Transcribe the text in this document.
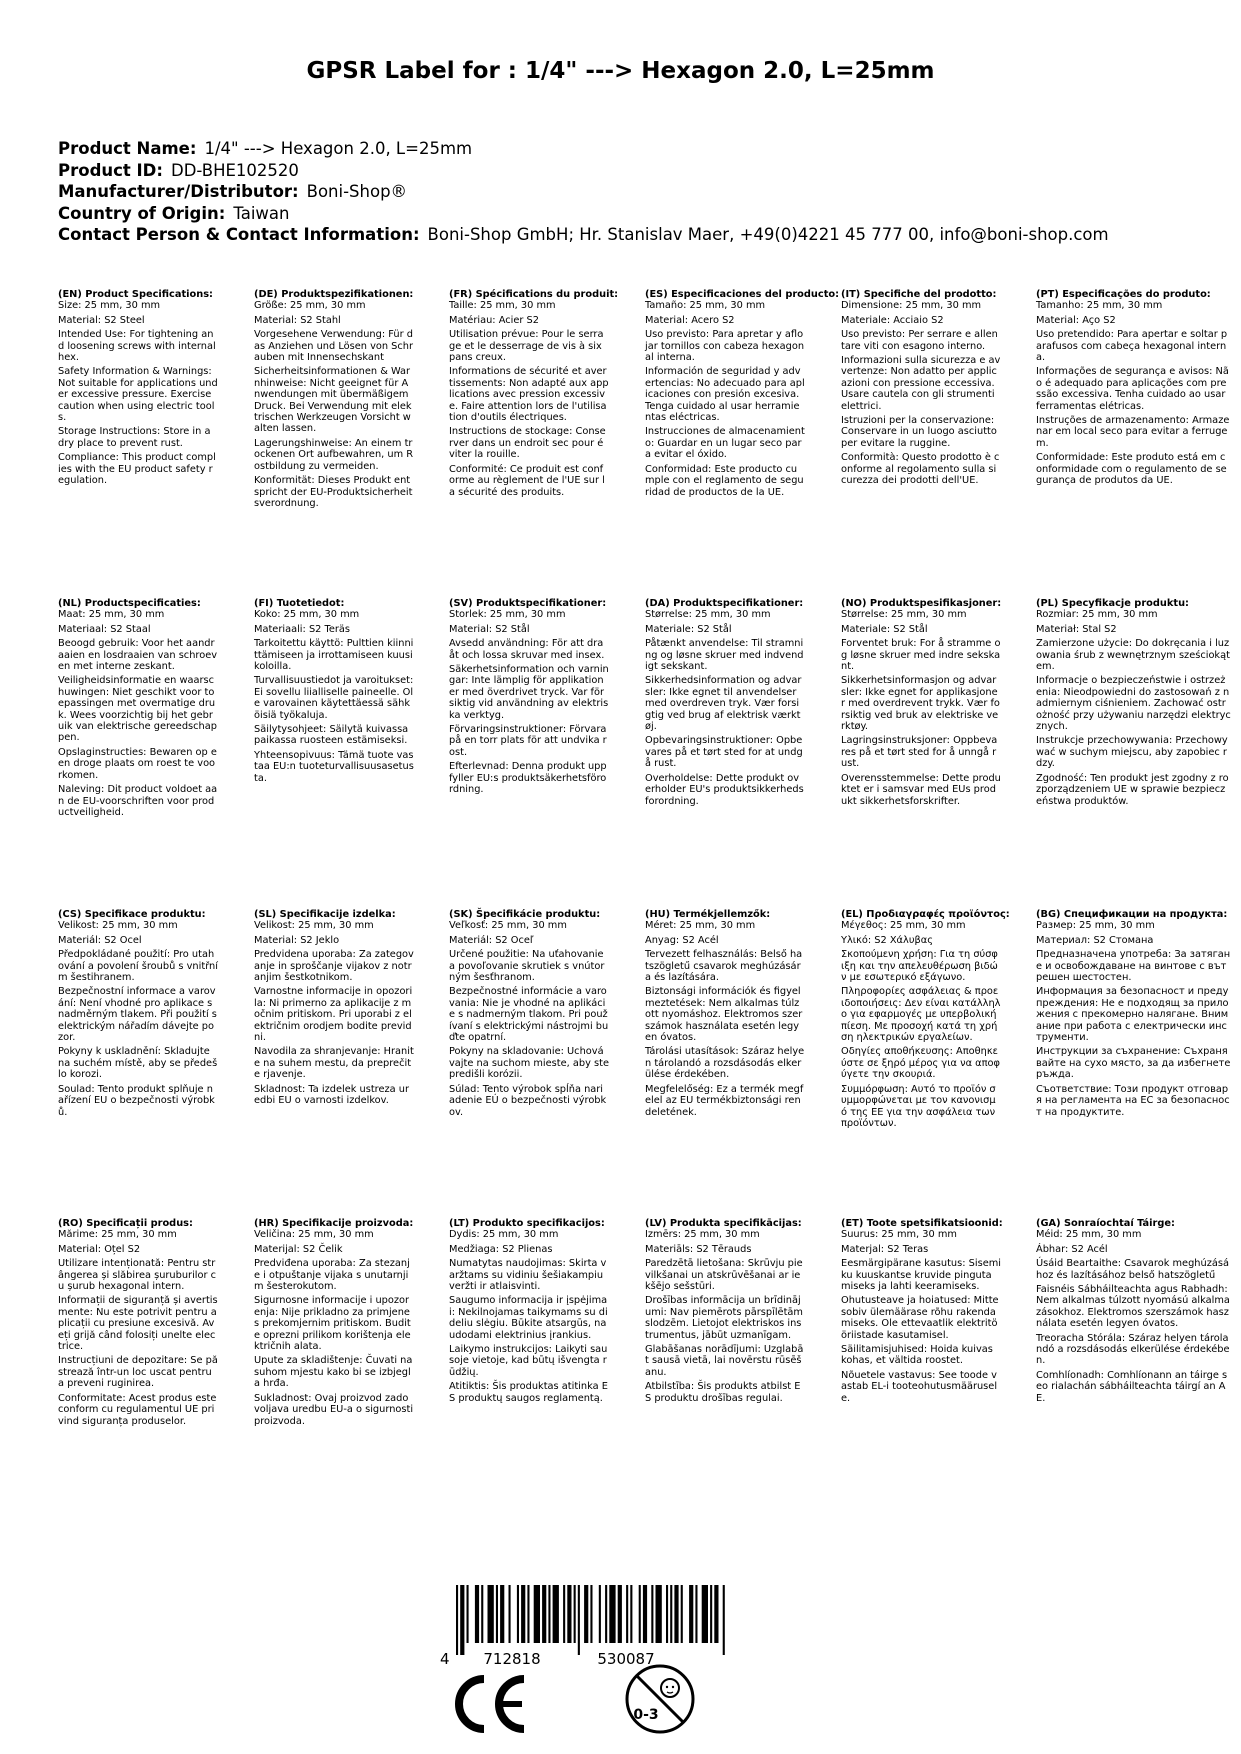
GPSR Label for : 1/4" ---> Hexagon 2.0, L=25mm
Product Name: 1/4" ---> Hexagon 2.0, L=25mm
Product ID: DD-BHE102520
Manufacturer/Distributor: Boni-Shop®
Country of Origin: Taiwan
Contact Person & Contact Information: Boni-Shop GmbH; Hr. Stanislav Maer, +49(0)4221 45 777 00, info@boni-shop.com
(EN) Product Specifications:

Size: 25 mm, 30 mm

Material: S2 Steel

Intended Use: For tightening and loosening screws with internal hex.

Safety Information & Warnings: Not suitable for applications under excessive pressure. Exercise caution when using electric tools.

Storage Instructions: Store in a dry place to prevent rust.

Compliance: This product complies with the EU product safety regulation.

(DE) Produktspezifikationen:

Größe: 25 mm, 30 mm

Material: S2 Stahl

Vorgesehene Verwendung: Für das Anziehen und Lösen von Schrauben mit Innensechskant

Sicherheitsinformationen & Warnhinweise: Nicht geeignet für Anwendungen mit übermäßigem Druck. Bei Verwendung mit elektrischen Werkzeugen Vorsicht walten lassen.

Lagerungshinweise: An einem trockenen Ort aufbewahren, um Rostbildung zu vermeiden.

Konformität: Dieses Produkt entspricht der EU-Produktsicherheitsverordnung.

(FR) Spécifications du produit:

Taille: 25 mm, 30 mm

Matériau: Acier S2

Utilisation prévue: Pour le serrage et le desserrage de vis à six pans creux.

Informations de sécurité et avertissements: Non adapté aux applications avec pression excessive. Faire attention lors de l'utilisation d'outils électriques.

Instructions de stockage: Conserver dans un endroit sec pour éviter la rouille.

Conformité: Ce produit est conforme au règlement de l'UE sur la sécurité des produits.

(ES) Especificaciones del producto:

Tamaño: 25 mm, 30 mm

Material: Acero S2

Uso previsto: Para apretar y aflojar tornillos con cabeza hexagonal interna.

Información de seguridad y advertencias: No adecuado para aplicaciones con presión excesiva. Tenga cuidado al usar herramientas eléctricas.

Instrucciones de almacenamiento: Guardar en un lugar seco para evitar el óxido.

Conformidad: Este producto cumple con el reglamento de seguridad de productos de la UE.

(IT) Specifiche del prodotto:

Dimensione: 25 mm, 30 mm

Materiale: Acciaio S2

Uso previsto: Per serrare e allentare viti con esagono interno.

Informazioni sulla sicurezza e avvertenze: Non adatto per applicazioni con pressione eccessiva. Usare cautela con gli strumenti elettrici.

Istruzioni per la conservazione: Conservare in un luogo asciutto per evitare la ruggine.

Conformità: Questo prodotto è conforme al regolamento sulla sicurezza dei prodotti dell'UE.

(PT) Especificações do produto:

Tamanho: 25 mm, 30 mm

Material: Aço S2

Uso pretendido: Para apertar e soltar parafusos com cabeça hexagonal interna.

Informações de segurança e avisos: Não é adequado para aplicações com pressão excessiva. Tenha cuidado ao usar ferramentas elétricas.

Instruções de armazenamento: Armazenar em local seco para evitar a ferrugem.

Conformidade: Este produto está em conformidade com o regulamento de segurança de produtos da UE.

(NL) Productspecificaties:

Maat: 25 mm, 30 mm

Materiaal: S2 Staal

Beoogd gebruik: Voor het aandraaien en losdraaien van schroeven met interne zeskant.

Veiligheidsinformatie en waarschuwingen: Niet geschikt voor toepassingen met overmatige druk. Wees voorzichtig bij het gebruik van elektrische gereedschappen.

Opslaginstructies: Bewaren op een droge plaats om roest te voorkomen.

Naleving: Dit product voldoet aan de EU-voorschriften voor productveiligheid.

(FI) Tuotetiedot:

Koko: 25 mm, 30 mm

Materiaali: S2 Teräs

Tarkoitettu käyttö: Pulttien kiinnittämiseen ja irrottamiseen kuusikoloilla.

Turvallisuustiedot ja varoitukset: Ei sovellu liialliselle paineelle. Ole varovainen käytettäessä sähköisiä työkaluja.

Säilytysohjeet: Säilytä kuivassa paikassa ruosteen estämiseksi.

Yhteensopivuus: Tämä tuote vastaa EU:n tuoteturvallisuusasetusta.

(SV) Produktspecifikationer:

Storlek: 25 mm, 30 mm

Material: S2 Stål

Avsedd användning: För att dra åt och lossa skruvar med insex.

Säkerhetsinformation och varningar: Inte lämplig för applikationer med överdrivet tryck. Var försiktig vid användning av elektriska verktyg.

Förvaringsinstruktioner: Förvara på en torr plats för att undvika rost.

Efterlevnad: Denna produkt uppfyller EU:s produktsäkerhetsförordning.

(DA) Produktspecifikationer:

Størrelse: 25 mm, 30 mm

Materiale: S2 Stål

Påtænkt anvendelse: Til stramning og løsne skruer med indvendigt sekskant.

Sikkerhedsinformation og advarsler: Ikke egnet til anvendelser med overdreven tryk. Vær forsigtig ved brug af elektrisk værktøj.

Opbevaringsinstruktioner: Opbevares på et tørt sted for at undgå rust.

Overholdelse: Dette produkt overholder EU's produktsikkerhedsforordning.

(NO) Produktspesifikasjoner:

Størrelse: 25 mm, 30 mm

Materiale: S2 Stål

Forventet bruk: For å stramme og løsne skruer med indre sekskant.

Sikkerhetsinformasjon og advarsler: Ikke egnet for applikasjoner med overdrevent trykk. Vær forsiktig ved bruk av elektriske verktøy.

Lagringsinstruksjoner: Oppbevares på et tørt sted for å unngå rust.

Overensstemmelse: Dette produktet er i samsvar med EUs produkt sikkerhetsforskrifter.

(PL) Specyfikacje produktu:

Rozmiar: 25 mm, 30 mm

Materiał: Stal S2

Zamierzone użycie: Do dokręcania i luzowania śrub z wewnętrznym sześciokątem.

Informacje o bezpieczeństwie i ostrzeżenia: Nieodpowiedni do zastosowań z nadmiernym ciśnieniem. Zachować ostrożność przy używaniu narzędzi elektrycznych.

Instrukcje przechowywania: Przechowywać w suchym miejscu, aby zapobiec rdzy.

Zgodność: Ten produkt jest zgodny z rozporządzeniem UE w sprawie bezpieczeństwa produktów.

(CS) Specifikace produktu:

Velikost: 25 mm, 30 mm

Materiál: S2 Ocel

Předpokládané použití: Pro utahování a povolení šroubů s vnitřním šestihranem.

Bezpečnostní informace a varování: Není vhodné pro aplikace s nadměrným tlakem. Při použití s elektrickým nářadím dávejte pozor.

Pokyny k uskladnění: Skladujte na suchém místě, aby se předešlo korozi.

Soulad: Tento produkt splňuje nařízení EU o bezpečnosti výrobků.

(SL) Specifikacije izdelka:

Velikost: 25 mm, 30 mm

Material: S2 Jeklo

Predvidena uporaba: Za zategovanje in sproščanje vijakov z notranjim šestkotnikom.

Varnostne informacije in opozorila: Ni primerno za aplikacije z močnim pritiskom. Pri uporabi z električnim orodjem bodite previdni.

Navodila za shranjevanje: Hranite na suhem mestu, da preprečite rjavenje.

Skladnost: Ta izdelek ustreza uredbi EU o varnosti izdelkov.

(SK) Špecifikácie produktu:

Veľkosť: 25 mm, 30 mm

Materiál: S2 Oceľ

Určené použitie: Na uťahovanie a povoľovanie skrutiek s vnútorným šesťhranom.

Bezpečnostné informácie a varovania: Nie je vhodné na aplikácie s nadmerným tlakom. Pri používaní s elektrickými nástrojmi buďte opatrní.

Pokyny na skladovanie: Uchovávajte na suchom mieste, aby ste predišli korózii.

Súlad: Tento výrobok spĺňa nariadenie EÚ o bezpečnosti výrobkov.

(HU) Termékjellemzők:

Méret: 25 mm, 30 mm

Anyag: S2 Acél

Tervezett felhasználás: Belső hatszögletű csavarok meghúzására és lazítására.

Biztonsági információk és figyelmeztetések: Nem alkalmas túlzott nyomáshoz. Elektromos szerszámok használata esetén legyen óvatos.

Tárolási utasítások: Száraz helyen tárolandó a rozsdásodás elkerülése érdekében.

Megfelelőség: Ez a termék megfelel az EU termékbiztonsági rendeletének.

(EL) Προδιαγραφές προϊόντος:

Μέγεθος: 25 mm, 30 mm

Υλικό: S2 Χάλυβας

Σκοπούμενη χρήση: Για τη σύσφιξη και την απελευθέρωση βιδών με εσωτερικό εξάγωνο.

Πληροφορίες ασφάλειας & προειδοποιήσεις: Δεν είναι κατάλληλο για εφαρμογές με υπερβολική πίεση. Με προσοχή κατά τη χρήση ηλεκτρικών εργαλείων.

Οδηγίες αποθήκευσης: Αποθηκεύστε σε ξηρό μέρος για να αποφύγετε την σκουριά.

Συμμόρφωση: Αυτό το προϊόν συμμορφώνεται με τον κανονισμό της ΕΕ για την ασφάλεια των προϊόντων.

(BG) Спецификации на продукта:

Размер: 25 mm, 30 mm

Материал: S2 Стомана

Предназначена употреба: За затягане и освобождаване на винтове с вътрешен шестостен.

Информация за безопасност и предупреждения: Не е подходящ за приложения с прекомерно налягане. Внимание при работа с електрически инструменти.

Инструкции за съхранение: Съхранявайте на сухо място, за да избегнете ръжда.

Съответствие: Този продукт отговаря на регламента на ЕС за безопасност на продуктите.

(RO) Specificații produs:

Mărime: 25 mm, 30 mm

Material: Oțel S2

Utilizare intenționată: Pentru strângerea și slăbirea șuruburilor cu șurub hexagonal intern.

Informații de siguranță și avertismente: Nu este potrivit pentru aplicații cu presiune excesivă. Aveți grijă când folosiți unelte electrice.

Instrucțiuni de depozitare: Se păstrează într-un loc uscat pentru a preveni ruginirea.

Conformitate: Acest produs este conform cu regulamentul UE privind siguranța produselor.

(HR) Specifikacije proizvoda:

Veličina: 25 mm, 30 mm

Materijal: S2 Čelik

Predviđena uporaba: Za stezanje i otpuštanje vijaka s unutarnjim šesterokutom.

Sigurnosne informacije i upozorenja: Nije prikladno za primjene s prekomjernim pritiskom. Budite oprezni prilikom korištenja električnih alata.

Upute za skladištenje: Čuvati na suhom mjestu kako bi se izbjegla hrđa.

Sukladnost: Ovaj proizvod zadovoljava uredbu EU-a o sigurnosti proizvoda.

(LT) Produkto specifikacijos:

Dydis: 25 mm, 30 mm

Medžiaga: S2 Plienas

Numatytas naudojimas: Skirta varžtams su vidiniu šešiakampiu veržti ir atlaisvinti.

Saugumo informacija ir įspėjimai: Nekilnojamas taikymams su dideliu slėgiu. Būkite atsargūs, naudodami elektrinius įrankius.

Laikymo instrukcijos: Laikyti sausoje vietoje, kad būtų išvengta rūdžių.

Atitiktis: Šis produktas atitinka ES produktų saugos reglamentą.

(LV) Produkta specifikācijas:

Izmērs: 25 mm, 30 mm

Materiāls: S2 Tērauds

Paredzētā lietošana: Skrūvju pievilkšanai un atskrūvēšanai ar iekšējo sešstūri.

Drošības informācija un brīdinājumi: Nav piemērots pārspīlētām slodzēm. Lietojot elektriskos instrumentus, jābūt uzmanīgam.

Glabāšanas norādījumi: Uzglabāt sausā vietā, lai novērstu rūsēšanu.

Atbilstība: Šis produkts atbilst ES produktu drošības regulai.

(ET) Toote spetsifikatsioonid:

Suurus: 25 mm, 30 mm

Materjal: S2 Teras

Eesmärgipärane kasutus: Sisemiku kuuskantse kruvide pingutamiseks ja lahti keeramiseks.

Ohutusteave ja hoiatused: Mitte sobiv ülemäärase rõhu rakendamiseks. Ole ettevaatlik elektritööriistade kasutamisel.

Säilitamisjuhised: Hoida kuivas kohas, et vältida roostet.

Nõuetele vastavus: See toode vastab EL-i tooteohutusmäärusele.

(GA) Sonraíochtaí Táirge:

Méid: 25 mm, 30 mm

Ábhar: S2 Acél

Úsáid Beartaithe: Csavarok meghúzásához és lazításához belső hatszögletű

Faisnéis Sábháilteachta agus Rabhadh: Nem alkalmas túlzott nyomású alkalmazásokhoz. Elektromos szerszámok használata esetén legyen óvatos.

Treoracha Stórála: Száraz helyen tárolandó a rozsdásodás elkerülése érdekében.

Comhlíonadh: Comhlíonann an táirge seo rialachán sábháilteachta táirgí an AE.

4 712818	530087
0-3
